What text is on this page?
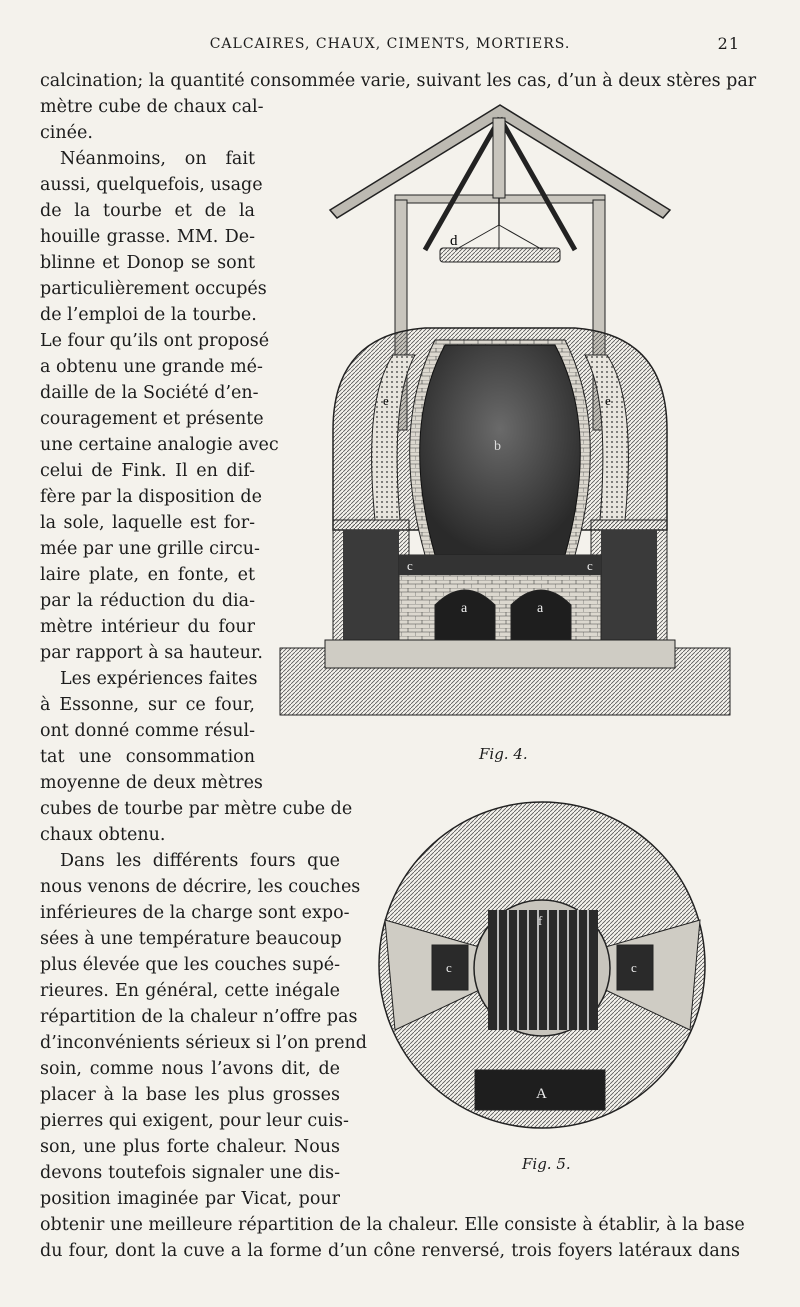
CALCAIRES, CHAUX, CIMENTS, MORTIERS.	21
calcination; la quantité consommée varie, suivant les cas, d’un à deux stères par
mètre cube de chaux cal-
cinée.
Néanmoins, on fait
aussi, quelquefois, usage
de la tourbe et de la
houille grasse. MM. De-
blinne et Donop se sont
particulièrement occupés
de l’emploi de la tourbe.
Le four qu’ils ont proposé
a obtenu une grande mé-
daille de la Société d’en-
couragement et présente
une certaine analogie avec
celui de Fink. Il en dif-
fère par la disposition de
la sole, laquelle est for-
mée par une grille circu-
laire plate, en fonte, et
par la réduction du dia-
mètre intérieur du four
par rapport à sa hauteur.
Les expériences faites
à Essonne, sur ce four,
ont donné comme résul-
tat une consommation
moyenne de deux mètres
cubes de tourbe par mètre cube de
chaux obtenu.
Dans les différents fours que
nous venons de décrire, les couches
inférieures de la charge sont expo-
sées à une température beaucoup
plus élevée que les couches supé-
rieures. En général, cette inégale
répartition de la chaleur n’offre pas
d’inconvénients sérieux si l’on prend
soin, comme nous l’avons dit, de
placer à la base les plus grosses
pierres qui exigent, pour leur cuis-
son, une plus forte chaleur. Nous
devons toutefois signaler une dis-
position imaginée par Vicat, pour
obtenir une meilleure répartition de la chaleur. Elle consiste à établir, à la base
du four, dont la cuve a la forme d’un cône renversé, trois foyers latéraux dans
d
b
e	e
c	c
a	a
Fig. 4.
f
c	c
A
Fig. 5.
